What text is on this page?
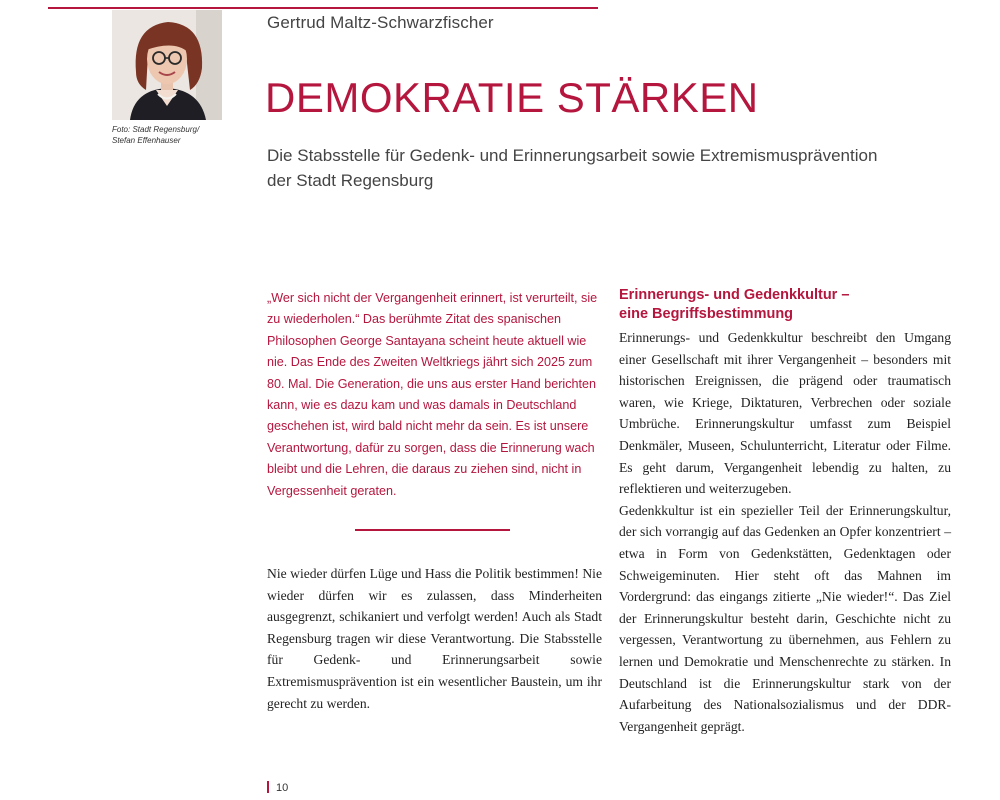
Foto: Stadt Regensburg/
Stefan Effenhauser
Gertrud Maltz-Schwarzfischer
DEMOKRATIE STÄRKEN
Die Stabsstelle für Gedenk- und Erinnerungsarbeit sowie Extremismusprävention
der Stadt Regensburg
„Wer sich nicht der Vergangenheit erinnert, ist verurteilt, sie zu wiederholen.“ Das berühmte Zitat des spanischen Philosophen George Santayana scheint heute aktuell wie nie. Das Ende des Zweiten Weltkriegs jährt sich 2025 zum 80. Mal. Die Generation, die uns aus erster Hand berichten kann, wie es dazu kam und was damals in Deutschland geschehen ist, wird bald nicht mehr da sein. Es ist unsere Verantwortung, dafür zu sorgen, dass die Erinnerung wach bleibt und die Lehren, die daraus zu ziehen sind, nicht in Vergessenheit geraten.
Nie wieder dürfen Lüge und Hass die Politik bestimmen! Nie wieder dürfen wir es zulassen, dass Minderheiten ausgegrenzt, schikaniert und verfolgt werden! Auch als Stadt Regensburg tragen wir diese Verantwortung. Die Stabsstelle für Gedenk- und Erinnerungsarbeit sowie Extremismusprävention ist ein wesentlicher Baustein, um ihr gerecht zu werden.
Erinnerungs- und Gedenkkultur –
eine Begriffsbestimmung

Erinnerungs- und Gedenkkultur beschreibt den Umgang einer Gesellschaft mit ihrer Vergangenheit – besonders mit historischen Ereignissen, die prägend oder traumatisch waren, wie Kriege, Diktaturen, Verbrechen oder soziale Umbrüche. Erinnerungskultur umfasst zum Beispiel Denkmäler, Museen, Schulunterricht, Literatur oder Filme. Es geht darum, Vergangenheit lebendig zu halten, zu reflektieren und weiterzugeben.

Gedenkkultur ist ein spezieller Teil der Erinnerungskultur, der sich vorrangig auf das Gedenken an Opfer konzentriert – etwa in Form von Gedenkstätten, Gedenktagen oder Schweigeminuten. Hier steht oft das Mahnen im Vordergrund: das eingangs zitierte „Nie wieder!“. Das Ziel der Erinnerungskultur besteht darin, Geschichte nicht zu vergessen, Verantwortung zu übernehmen, aus Fehlern zu lernen und Demokratie und Menschenrechte zu stärken. In Deutschland ist die Erinnerungskultur stark von der Aufarbeitung des Nationalsozialismus und der DDR-Vergangenheit geprägt.

10
